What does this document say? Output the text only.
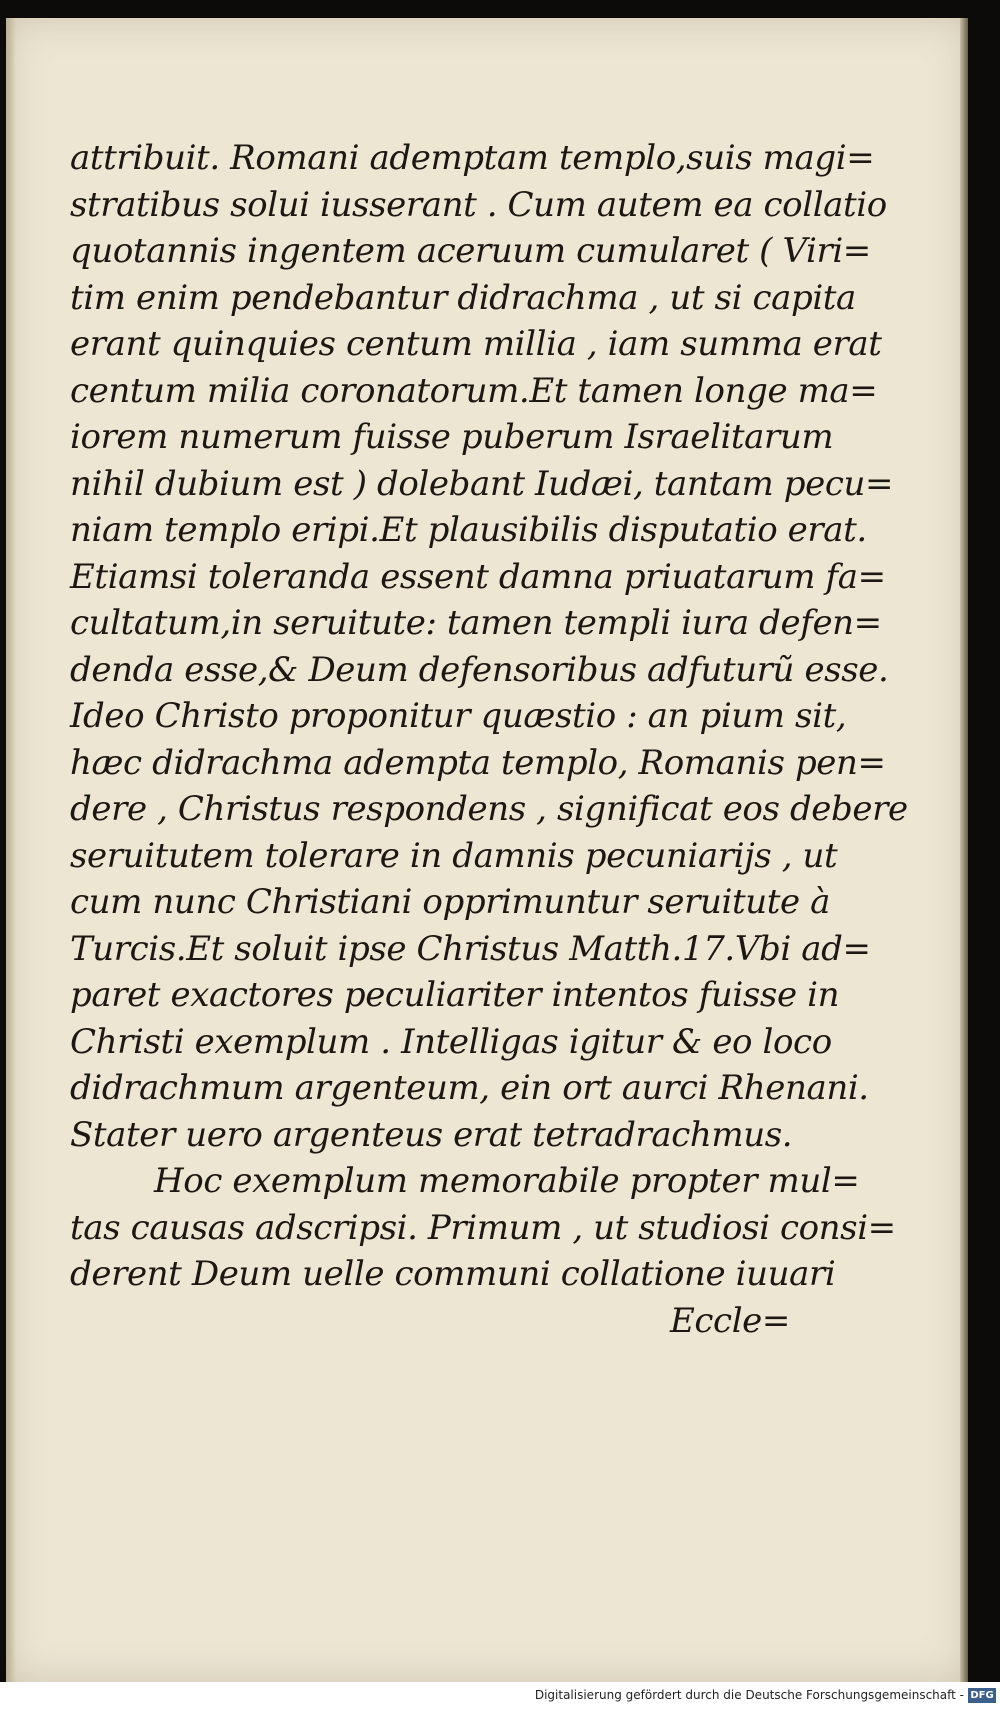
attribuit. Romani ademptam templo,suis magi=
stratibus solui iusserant . Cum autem ea collatio
quotannis ingentem aceruum cumularet ( Viri=
tim enim pendebantur didrachma , ut si capita
erant quinquies centum millia , iam summa erat
centum milia coronatorum.Et tamen longe ma=
iorem numerum fuisse puberum Israelitarum
nihil dubium est ) dolebant Iudæi, tantam pecu=
niam templo eripi.Et plausibilis disputatio erat.
Etiamsi toleranda essent damna priuatarum fa=
cultatum,in seruitute: tamen templi iura defen=
denda esse,& Deum defensoribus adfuturũ esse.
Ideo Christo proponitur quæstio : an pium sit,
hæc didrachma adempta templo, Romanis pen=
dere , Christus respondens , significat eos debere
seruitutem tolerare in damnis pecuniarijs , ut
cum nunc Christiani opprimuntur seruitute à
Turcis.Et soluit ipse Christus Matth.17.Vbi ad=
paret exactores peculiariter intentos fuisse in
Christi exemplum . Intelligas igitur & eo loco
didrachmum argenteum, ein ort aurci Rhenani.
Stater uero argenteus erat tetradrachmus.
Hoc exemplum memorabile propter mul=
tas causas adscripsi. Primum , ut studiosi consi=
derent Deum uelle communi collatione iuuari
Eccle=
Digitalisierung gefördert durch die Deutsche Forschungsgemeinschaft - DFG
